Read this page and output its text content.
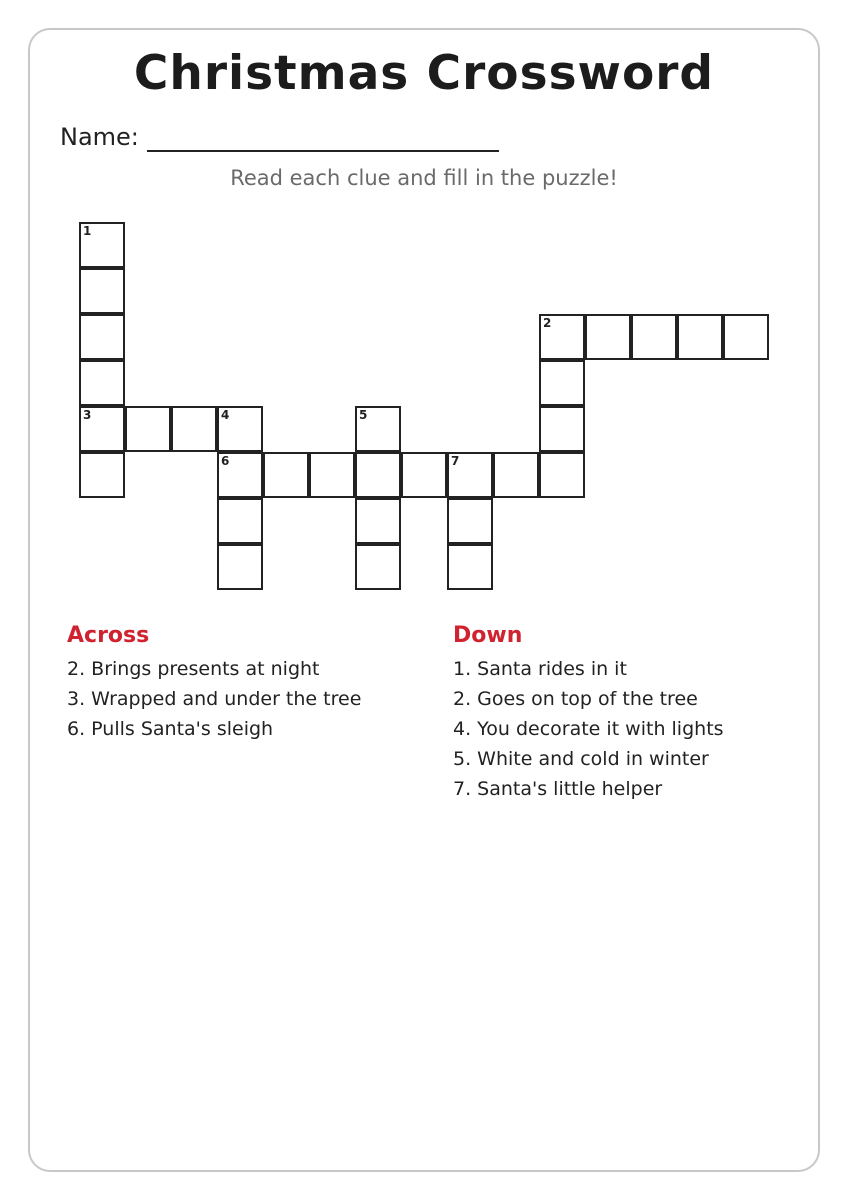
Christmas Crossword
Name:
Read each clue and fill in the puzzle!
1
3	4
6	7
5
2
Across
2. Brings presents at night
3. Wrapped and under the tree
6. Pulls Santa's sleigh
Down
1. Santa rides in it
2. Goes on top of the tree
4. You decorate it with lights
5. White and cold in winter
7. Santa's little helper
